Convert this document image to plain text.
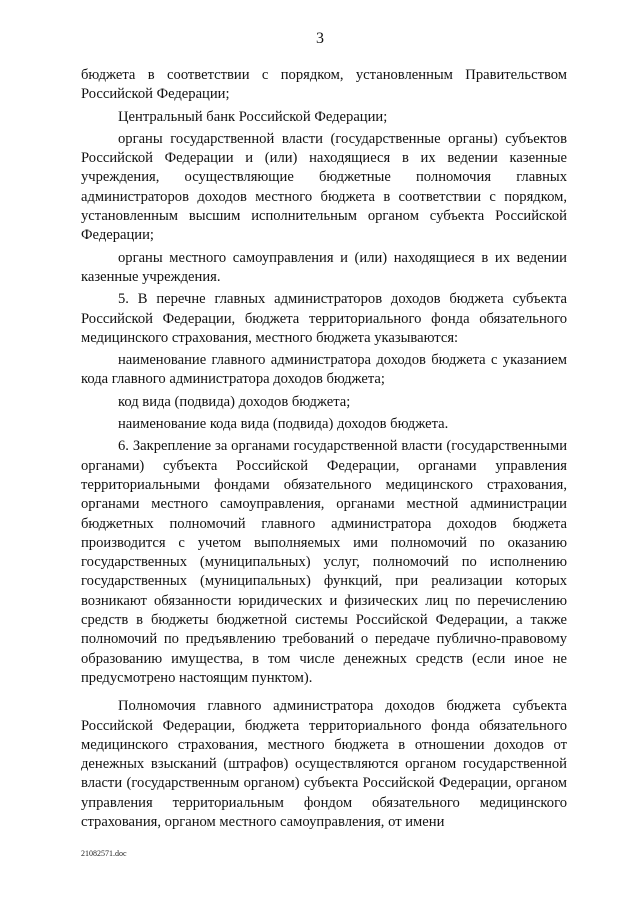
3

бюджета в соответствии с порядком, установленным Правительством Российской Федерации;

Центральный банк Российской Федерации;

органы государственной власти (государственные органы) субъектов Российской Федерации и (или) находящиеся в их ведении казенные учреждения, осуществляющие бюджетные полномочия главных администраторов доходов местного бюджета в соответствии с порядком, установленным высшим исполнительным органом субъекта Российской Федерации;

органы местного самоуправления и (или) находящиеся в их ведении казенные учреждения.

5. В перечне главных администраторов доходов бюджета субъекта Российской Федерации, бюджета территориального фонда обязательного медицинского страхования, местного бюджета указываются:

наименование главного администратора доходов бюджета с указанием кода главного администратора доходов бюджета;

код вида (подвида) доходов бюджета;

наименование кода вида (подвида) доходов бюджета.

6. Закрепление за органами государственной власти (государственными органами) субъекта Российской Федерации, органами управления территориальными фондами обязательного медицинского страхования, органами местного самоуправления, органами местной администрации бюджетных полномочий главного администратора доходов бюджета производится с учетом выполняемых ими полномочий по оказанию государственных (муниципальных) услуг, полномочий по исполнению государственных (муниципальных) функций, при реализации которых возникают обязанности юридических и физических лиц по перечислению средств в бюджеты бюджетной системы Российской Федерации, а также полномочий по предъявлению требований о передаче публично-правовому образованию имущества, в том числе денежных средств (если иное не предусмотрено настоящим пунктом).

Полномочия главного администратора доходов бюджета субъекта Российской Федерации, бюджета территориального фонда обязательного медицинского страхования, местного бюджета в отношении доходов от денежных взысканий (штрафов) осуществляются органом государственной власти (государственным органом) субъекта Российской Федерации, органом управления территориальным фондом обязательного медицинского страхования, органом местного самоуправления, от имени

21082571.doc
